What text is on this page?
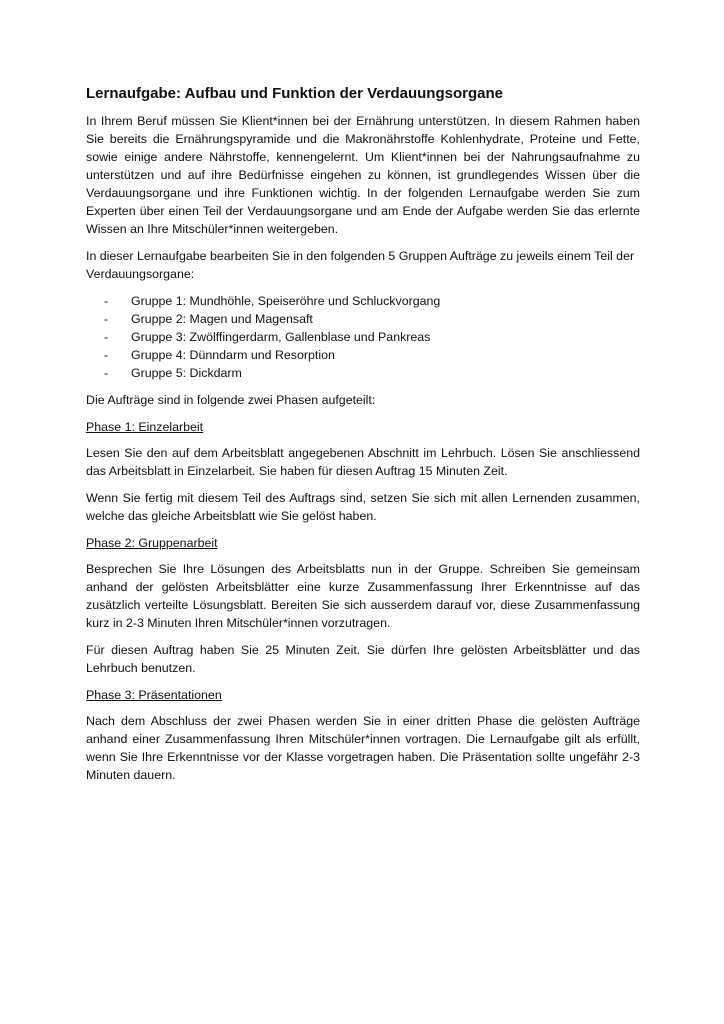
Lernaufgabe: Aufbau und Funktion der Verdauungsorgane

In Ihrem Beruf müssen Sie Klient*innen bei der Ernährung unterstützen. In diesem Rahmen haben Sie bereits die Ernährungspyramide und die Makronährstoffe Kohlenhydrate, Proteine und Fette, sowie einige andere Nährstoffe, kennengelernt. Um Klient*innen bei der Nahrungsaufnahme zu unterstützen und auf ihre Bedürfnisse eingehen zu können, ist grundlegendes Wissen über die Verdauungsorgane und ihre Funktionen wichtig. In der folgenden Lernaufgabe werden Sie zum Experten über einen Teil der Verdauungsorgane und am Ende der Aufgabe werden Sie das erlernte Wissen an Ihre Mitschüler*innen weitergeben.

In dieser Lernaufgabe bearbeiten Sie in den folgenden 5 Gruppen Aufträge zu jeweils einem Teil der Verdauungsorgane:

- Gruppe 1: Mundhöhle, Speiseröhre und Schluckvorgang
- Gruppe 2: Magen und Magensaft
- Gruppe 3: Zwölffingerdarm, Gallenblase und Pankreas
- Gruppe 4: Dünndarm und Resorption
- Gruppe 5: Dickdarm

Die Aufträge sind in folgende zwei Phasen aufgeteilt:

Phase 1: Einzelarbeit

Lesen Sie den auf dem Arbeitsblatt angegebenen Abschnitt im Lehrbuch. Lösen Sie anschliessend das Arbeitsblatt in Einzelarbeit. Sie haben für diesen Auftrag 15 Minuten Zeit.

Wenn Sie fertig mit diesem Teil des Auftrags sind, setzen Sie sich mit allen Lernenden zusammen, welche das gleiche Arbeitsblatt wie Sie gelöst haben.

Phase 2: Gruppenarbeit

Besprechen Sie Ihre Lösungen des Arbeitsblatts nun in der Gruppe. Schreiben Sie gemeinsam anhand der gelösten Arbeitsblätter eine kurze Zusammenfassung Ihrer Erkenntnisse auf das zusätzlich verteilte Lösungsblatt. Bereiten Sie sich ausserdem darauf vor, diese Zusammenfassung kurz in 2-3 Minuten Ihren Mitschüler*innen vorzutragen.

Für diesen Auftrag haben Sie 25 Minuten Zeit. Sie dürfen Ihre gelösten Arbeitsblätter und das Lehrbuch benutzen.

Phase 3: Präsentationen

Nach dem Abschluss der zwei Phasen werden Sie in einer dritten Phase die gelösten Aufträge anhand einer Zusammenfassung Ihren Mitschüler*innen vortragen. Die Lernaufgabe gilt als erfüllt, wenn Sie Ihre Erkenntnisse vor der Klasse vorgetragen haben. Die Präsentation sollte ungefähr 2-3 Minuten dauern.
